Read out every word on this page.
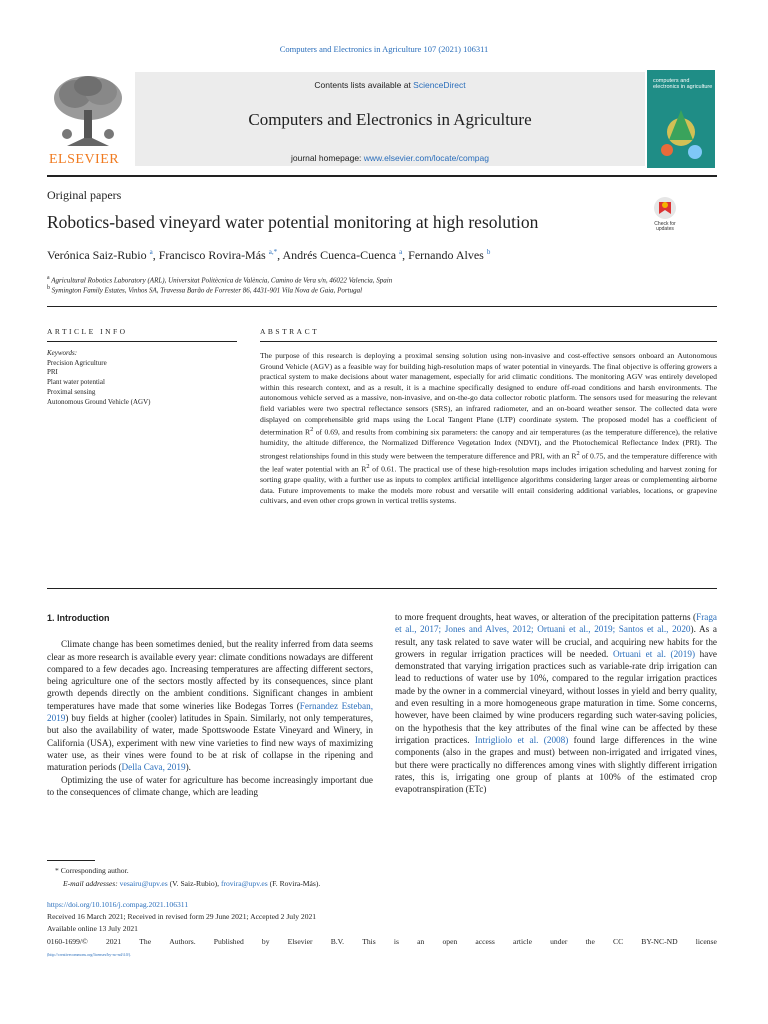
Computers and Electronics in Agriculture 107 (2021) 106311
ELSEVIER
Contents lists available at ScienceDirect
Computers and Electronics in Agriculture
journal homepage: www.elsevier.com/locate/compag
computers and electronics in agriculture
Original papers
Robotics-based vineyard water potential monitoring at high resolution	Check for updates
Verónica Saiz-Rubio $^a$, Francisco Rovira-Más $^{a,*}$, Andrés Cuenca-Cuenca $^a$, Fernando Alves $^b$
$^a$ Agricultural Robotics Laboratory (ARL), Universitat Politècnica de València, Camino de Vera s/n, 46022 Valencia, Spain
$^b$ Symington Family Estates, Vinhos SA, Travessa Barão de Forrester 86, 4431-901 Vila Nova de Gaia, Portugal
ARTICLE INFO	ABSTRACT
Keywords:
Precision Agriculture
PRI
Plant water potential
Proximal sensing
Autonomous Ground Vehicle (AGV)
The purpose of this research is deploying a proximal sensing solution using non-invasive and cost-effective sensors onboard an Autonomous Ground Vehicle (AGV) as a feasible way for building high-resolution maps of water potential in vineyards. The final objective is offering growers a practical system to make decisions about water management, especially for arid climatic conditions. The monitoring AGV was entirely developed within this research context, and as a result, it is a machine specifically designed to endure off-road conditions and harsh environments. The autonomous vehicle served as a massive, non-invasive, and on-the-go data collector robotic platform. The sensors used for measuring the relevant field variables were two spectral reflectance sensors (SRS), an infrared radiometer, and an on-board weather sensor. The collected data were displayed on comprehensible grid maps using the Local Tangent Plane (LTP) coordinate system. The proposed model has a coefficient of determination $R^2$ of 0.69, and results from combining six parameters: the canopy and air temperatures (as the temperature difference), the relative humidity, the altitude difference, the Normalized Difference Vegetation Index (NDVI), and the Photochemical Reflectance Index (PRI). The strongest relationships found in this study were between the temperature difference and PRI, with an $R^2$ of 0.75, and the temperature difference with the leaf water potential with an $R^2$ of 0.61. The practical use of these high-resolution maps includes irrigation scheduling and harvest zoning for sorting grape quality, with a further use as inputs to complex artificial intelligence algorithms considering larger areas or complementing airborne data. Future improvements to make the models more robust and versatile will entail considering additional variables, locations, or grapevine cultivars, and even other crops grown in vertical trellis systems.

1. Introduction

Climate change has been sometimes denied, but the reality inferred from data seems clear as more research is available every year: climate conditions nowadays are different compared to a few decades ago. Increasing temperatures are affecting different sectors, being agriculture one of the sectors mostly affected by its consequences, since plant growth depends directly on the ambient conditions. Significant changes in ambient temperatures have made that some wineries like Bodegas Torres (Fernandez Esteban, 2019) buy fields at higher (cooler) latitudes in Spain. Similarly, not only temperatures, but also the availability of water, made Spottswoode Estate Vineyard and Winery, in California (USA), experiment with new vine varieties to find new ways of maximizing water use, as their vines were found to be at risk of collapse in the ripening and maturation periods (Della Cava, 2019).

Optimizing the use of water for agriculture has become increasingly important due to the consequences of climate change, which are leading

to more frequent droughts, heat waves, or alteration of the precipitation patterns (Fraga et al., 2017; Jones and Alves, 2012; Ortuani et al., 2019; Santos et al., 2020). As a result, any task related to save water will be crucial, and acquiring new habits for the growers in regular irrigation practices will be needed. Ortuani et al. (2019) have demonstrated that varying irrigation practices such as variable-rate drip irrigation can lead to reductions of water use by 10%, compared to the regular irrigation practices made by the owner in a commercial vineyard, without losses in yield and berry quality, and even resulting in a more homogeneous grape maturation in time. Some concerns, however, have been claimed by wine producers regarding such water-saving policies, on the hypothesis that the key attributes of the final wine can be affected by these irrigation practices. Intrigliolo et al. (2008) found large differences in the wine components (also in the grapes and must) between non-irrigated and irrigated vines, but there were practically no differences among vines with slightly different irrigation rates, this is, irrigating one group of plants at 100% of the estimated crop evapotranspiration (ETc)

* Corresponding author.
E-mail addresses: vesairu@upv.es (V. Saiz-Rubio), frovira@upv.es (F. Rovira-Más).
https://doi.org/10.1016/j.compag.2021.106311
Received 16 March 2021; Received in revised form 29 June 2021; Accepted 2 July 2021
Available online 13 July 2021
0160-1699/© 2021 The Authors. Published by Elsevier B.V. This is an open access article under the CC BY-NC-ND license
(http://creativecommons.org/licenses/by-nc-nd/4.0/).
